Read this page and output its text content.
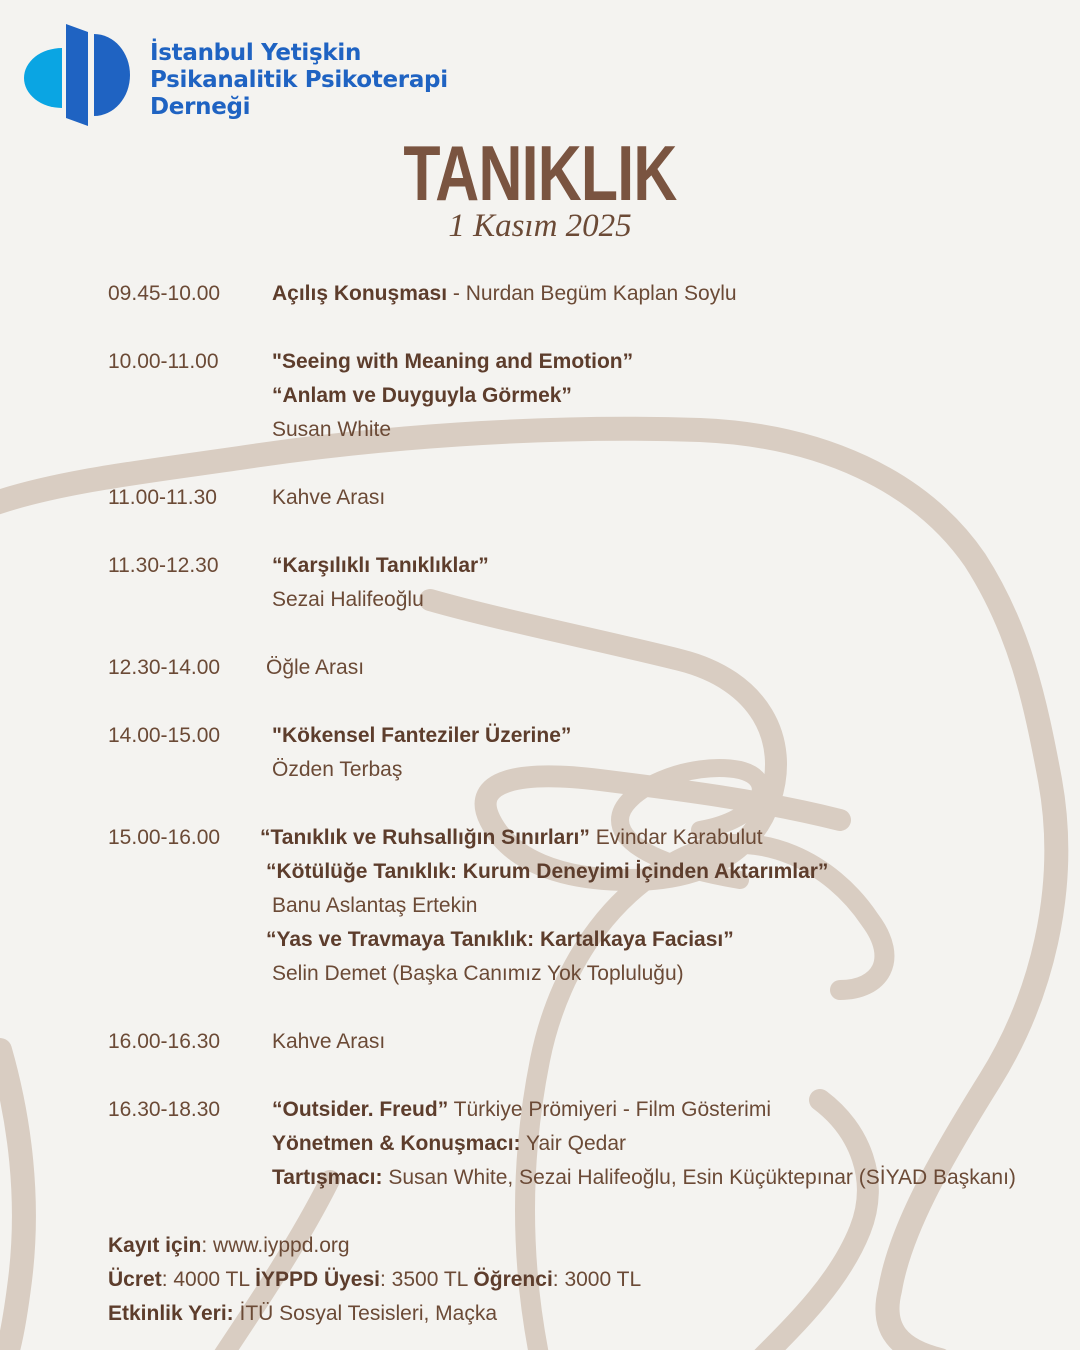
İstanbul Yetişkin
Psikanalitik Psikoterapi
Derneği
TANIKLIK
1 Kasım 2025
09.45-10.00 Açılış Konuşması - Nurdan Begüm Kaplan Soylu
10.00-11.00	"Seeing with Meaning and Emotion”
“Anlam ve Duyguyla Görmek”
Susan White
11.00-11.30	Kahve Arası
11.30-12.30	“Karşılıklı Tanıklıklar”
Sezai Halifeoğlu
12.30-14.00 Öğle Arası
14.00-15.00 "Kökensel Fanteziler Üzerine”
Özden Terbaş
15.00-16.00 “Tanıklık ve Ruhsallığın Sınırları” Evindar Karabulut
“Kötülüğe Tanıklık: Kurum Deneyimi İçinden Aktarımlar”
Banu Aslantaş Ertekin
“Yas ve Travmaya Tanıklık: Kartalkaya Faciası”
Selin Demet (Başka Canımız Yok Topluluğu)
16.00-16.30 Kahve Arası
16.30-18.30 “Outsider. Freud” Türkiye Prömiyeri - Film Gösterimi
Yönetmen & Konuşmacı: Yair Qedar
Tartışmacı: Susan White, Sezai Halifeoğlu, Esin Küçüktepınar (SİYAD Başkanı)
Kayıt için: www.iyppd.org
Ücret: 4000 TL İYPPD Üyesi: 3500 TL Öğrenci: 3000 TL
Etkinlik Yeri: İTÜ Sosyal Tesisleri, Maçka
